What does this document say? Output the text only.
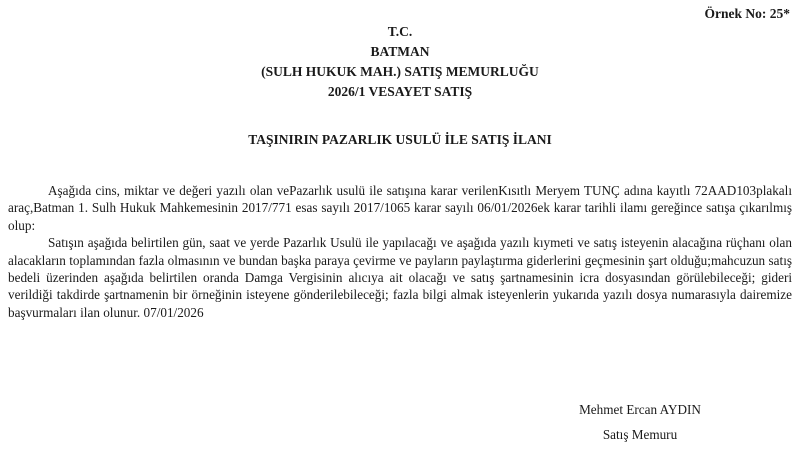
Örnek No: 25*
T.C.
BATMAN
(SULH HUKUK MAH.) SATIŞ MEMURLUĞU
2026/1 VESAYET SATIŞ
TAŞINIRIN PAZARLIK USULÜ İLE SATIŞ İLANI

Aşağıda cins, miktar ve değeri yazılı olan vePazarlık usulü ile satışına karar verilenKısıtlı Meryem TUNÇ adına kayıtlı 72AAD103plakalı araç,Batman 1. Sulh Hukuk Mahkemesinin 2017/771 esas sayılı 2017/1065 karar sayılı 06/01/2026ek karar tarihli ilamı gereğince satışa çıkarılmış olup:

Satışın aşağıda belirtilen gün, saat ve yerde Pazarlık Usulü ile yapılacağı ve aşağıda yazılı kıymeti ve satış isteyenin alacağına rüçhanı olan alacakların toplamından fazla olmasının ve bundan başka paraya çevirme ve payların paylaştırma giderlerini geçmesinin şart olduğu;mahcuzun satış bedeli üzerinden aşağıda belirtilen oranda Damga Vergisinin alıcıya ait olacağı ve satış şartnamesinin icra dosyasından görülebileceği; gideri verildiği takdirde şartnamenin bir örneğinin isteyene gönderilebileceği; fazla bilgi almak isteyenlerin yukarıda yazılı dosya numarasıyla dairemize başvurmaları ilan olunur. 07/01/2026

Mehmet Ercan AYDIN
Satış Memuru
